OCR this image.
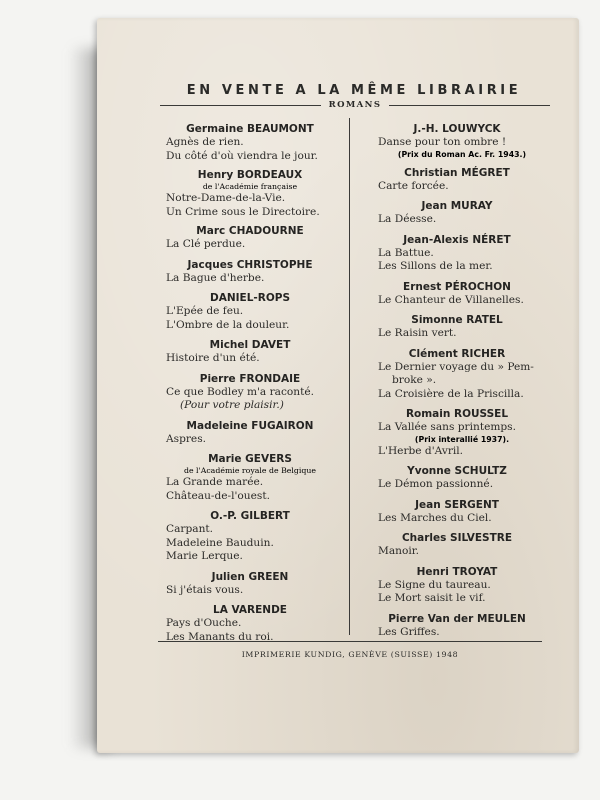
EN VENTE A LA MÊME LIBRAIRIE
ROMANS
Germaine BEAUMONT
Agnès de rien.
Du côté d'où viendra le jour.
Henry BORDEAUX
de l'Académie française
Notre-Dame-de-la-Vie.
Un Crime sous le Directoire.
Marc CHADOURNE
La Clé perdue.
Jacques CHRISTOPHE
La Bague d'herbe.
DANIEL-ROPS
L'Epée de feu.
L'Ombre de la douleur.
Michel DAVET
Histoire d'un été.
Pierre FRONDAIE
Ce que Bodley m'a raconté.
(Pour votre plaisir.)
Madeleine FUGAIRON
Aspres.
Marie GEVERS
de l'Académie royale de Belgique
La Grande marée.
Château-de-l'ouest.
O.-P. GILBERT
Carpant.
Madeleine Bauduin.
Marie Lerque.
Julien GREEN
Si j'étais vous.
LA VARENDE
Pays d'Ouche.
Les Manants du roi.
J.-H. LOUWYCK
Danse pour ton ombre !
(Prix du Roman Ac. Fr. 1943.)
Christian MÉGRET
Carte forcée.
Jean MURAY
La Déesse.
Jean-Alexis NÉRET
La Battue.
Les Sillons de la mer.
Ernest PÉROCHON
Le Chanteur de Villanelles.
Simonne RATEL
Le Raisin vert.
Clément RICHER
Le Dernier voyage du » Pem-
broke ».
La Croisière de la Priscilla.
Romain ROUSSEL
La Vallée sans printemps.
(Prix interallié 1937).
L'Herbe d'Avril.
Yvonne SCHULTZ
Le Démon passionné.
Jean SERGENT
Les Marches du Ciel.
Charles SILVESTRE
Manoir.
Henri TROYAT
Le Signe du taureau.
Le Mort saisit le vif.
Pierre Van der MEULEN
Les Griffes.
IMPRIMERIE KUNDIG, GENÈVE (SUISSE) 1948
